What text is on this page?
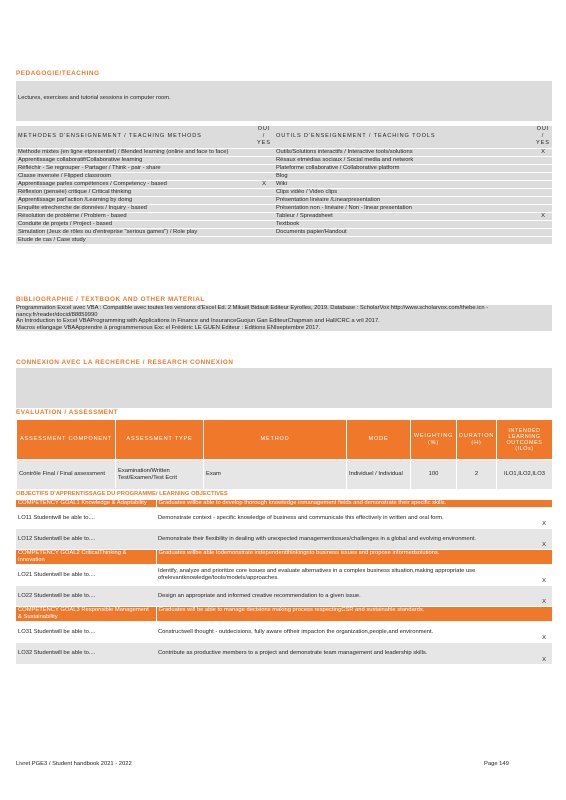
PEDAGOGIE/TEACHING
Lectures, exercises and tutorial sessions in computer room.
METHODES D'ENSEIGNEMENT / TEACHING METHODS	OUI / YES	OUTILS D'ENSEIGNEMENT / TEACHING TOOLS	OUI / YES
Methode mixtes (en ligne etpresentiel) / Blended learning (online and face to face)		Outils/Solutions interactifs / Interactive tools/solutions	X
Apprentissage collaboratif/Collaborative learning		Résaux etmédias sociaux / Social media and network	
Réfléchir - Se regrouper - Partager / Think - pair - share		Plateforme collaborative / Collaborative platform	
Classe inversée / Flipped classroom		Blog	
Apprentissage parles compétences / Competency - based	X	Wiki	
Réflexion (pensée) critique / Critical thinking		Clips vidéo / Video clips	
Apprentissage parl'action /Learning by doing		Présentation linéaire /Linearpresentation	
Enquête etrecherche de données / Inquiry - based		Présentation non - linéaire / Non - linear presentation	
Résolution de problème / Problem - based		Tableur / Spreadsheet	X
Conduite de projets / Project - based		Textbook	
Simulation (Jeux de rôles ou d'entreprise "serious games") / Role play		Documents papier/Handout	
Etude de cas / Case study			
BIBLIOGRAPHIE / TEXTBOOK AND OTHER MATERIAL
Programmation Excel avec VBA : Compatible avec toutes les versions d'Excel Ed. 2 Mikaël Bidault Editeur Eyrolles, 2019. Database : ScholarVox http://www.scholarvox.com/thebe.icn - nancy.fr/reader/docid/88859990
An Introduction to Excel VBAProgramming:with Applications in Finance and InsuranceGuojun Gan EditeurChapman and Hall/CRC a vril 2017.
Macros etlangage VBAApprendre à programmersous Exc el Frédéric LE GUEN Editeur : Editions ENIseptembre 2017.
CONNEXION AVEC LA RECHERCHE / RESEARCH CONNEXION
EVALUATION / ASSESSMENT
ASSESSMENT COMPONENT	ASSESSMENT TYPE	METHOD	MODE	WEIGHTING (%)	DURATION (H)	INTENDED LEARNING OUTCOMES (ILOs)
Contrôle Final / Final assessment	Examination/Written Test/Examen/Test Ecrit	Exam	Individuel / Individual	100	2	ILO1,ILO2,ILO3
OBJECTIFS D'APPRENTISSAGE DU PROGRAMME/ LEARNING OBJECTIVES
COMPETENCY GOAL1 Knowledge & Adaptability	Graduates willbe able to develop thorough knowledge inmanagement fields and demonstrate their specific skills.	
LO11 Studentwill be able to....	Demonstrate context - specific knowledge of business and communicate this effectively in written and oral form.	X
LO12 Studentwill be able to....	Demonstrate their flexibility in dealing with unexpected managementissues/challenges in a global and evolving environment.	X
COMPETENCY GOAL2 CriticalThinking & Innovation	Graduates willbe able todemonstrate independentthinkingnto business issues and propose informedsolutions.	
LO21 Studentwill be able to....	Identify, analyze and prioritize core issues and evaluate alternatives in a complex business situation,making appropriate use ofrelevantknowledge/tools/models/approaches.	X
LO22 Studentwill be able to....	Design an appropriate and informed creative recommendation to a given issue.	X
COMPETENCY GOAL3 Responsible Management & Sustainability	Graduates will be able to manage decisions making process respectingCSR and sustainable standards.	
LO31 Studentwill be able to....	Constructwell thought - outdecisions, fully aware oftheir impacton the organization,people,and environment.	X
LO32 Studentwill be able to....	Contribute as productive members to a project and demonstrate team management and leadership skills.	X
Livret PGE3 / Student handbook 2021 - 2022	Page 149
